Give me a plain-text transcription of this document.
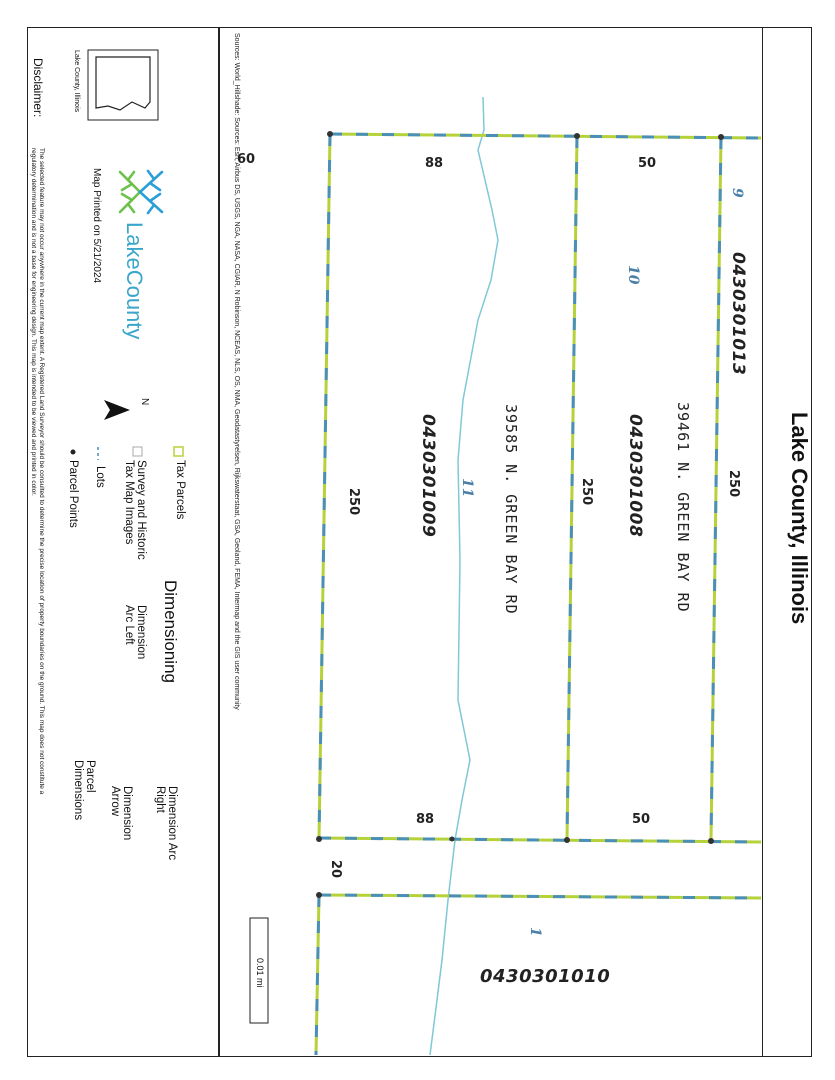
Lake County, Illinois
Sources: World_Hillshade: Sources: Esri, Airbus DS, USGS, NGA, NASA, CGIAR, N Robinson, NCEAS, NLS, OS, NMA, Geodatastyrelsen, Rijkswaterstaat, GSA, Geoland, FEMA, Intermap and the GIS user community	0430301013
0430301008
0430301009
0430301010
88	50
60
250
250
250
88	50
20
9
10
11
1
39461 N. GREEN BAY RD
39585 N. GREEN BAY RD
0.01 mi
Lake County, Illinois
LakeCounty
Map Printed on 5/21/2024
N
Tax Parcels
Survey and Historic Tax Map Images
Lots
Parcel Points
Dimensioning
Dimension Arc Left
Dimension Arc Right
Dimension Arrow
Parcel Dimensions
Disclaimer:
The selected feature may not occur anywhere in the current map extent. A Registered Land Surveyor should be consulted to determine the precise location of property boundaries on the ground. This map does not constitute a regulatory determination and is not a base for engineering design. This map is intended to be viewed and printed in color.
